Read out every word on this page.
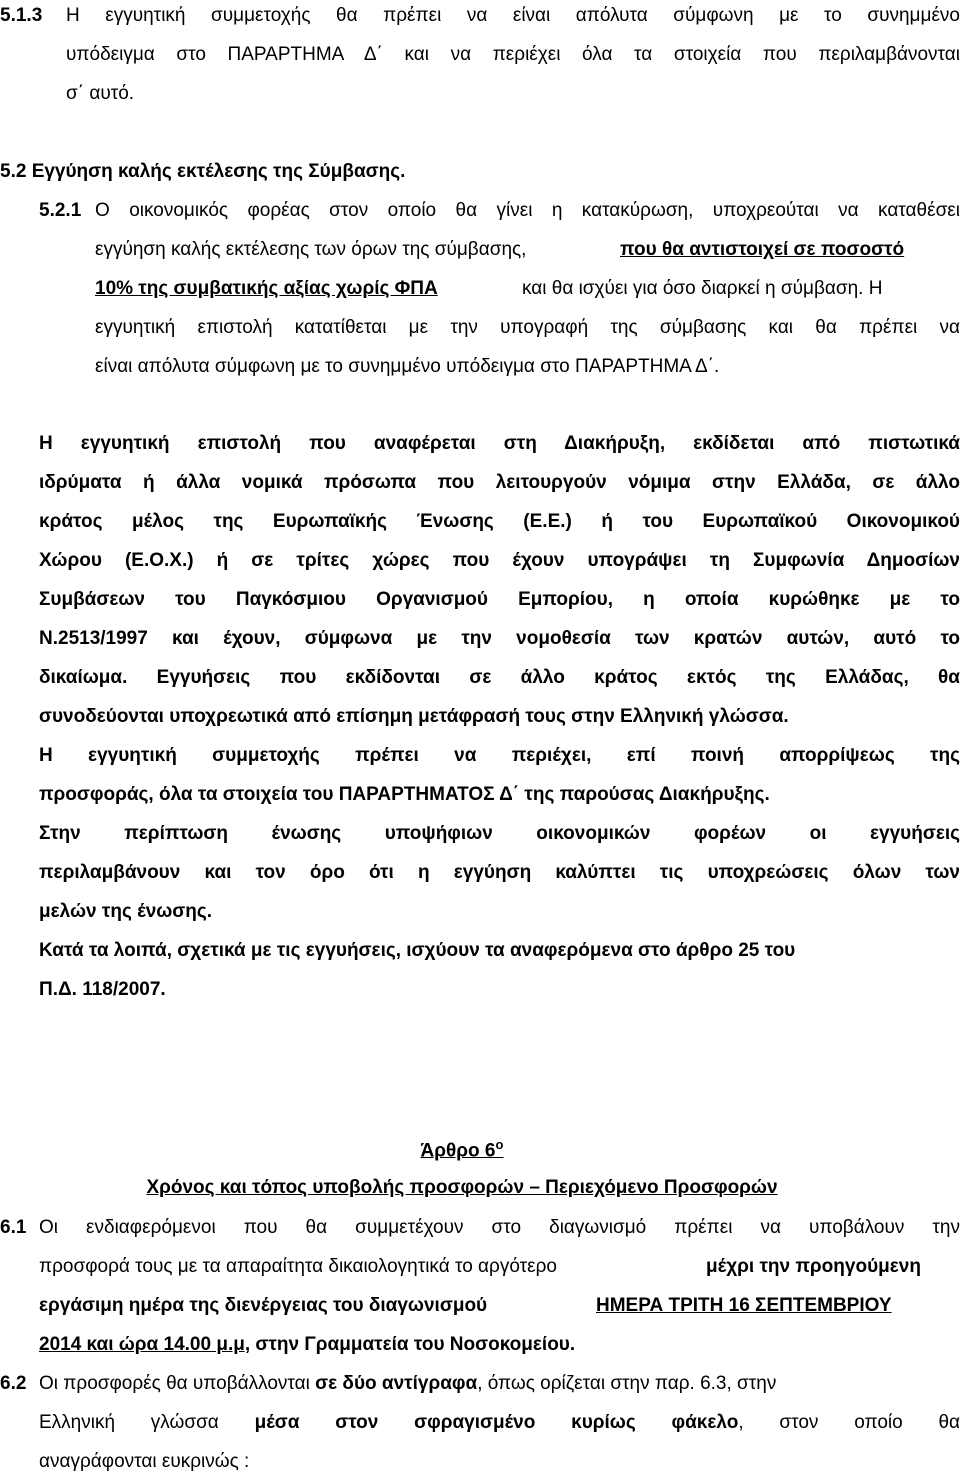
5.1.3 Η εγγυητική συμμετοχής θα πρέπει να είναι απόλυτα σύμφωνη με το συνημμένο
υπόδειγμα στο ΠΑΡΑΡΤΗΜΑ Δ΄ και να περιέχει όλα τα στοιχεία που περιλαμβάνονται
σ΄ αυτό.
5.2 Εγγύηση καλής εκτέλεσης της Σύμβασης.
5.2.1 Ο οικονομικός φορέας στον οποίο θα γίνει η κατακύρωση, υποχρεούται να καταθέσει
εγγύηση καλής εκτέλεσης των όρων της σύμβασης,	που θα αντιστοιχεί σε ποσοστό
10% της συμβατικής αξίας χωρίς ΦΠΑ	και θα ισχύει για όσο διαρκεί η σύμβαση. Η
εγγυητική επιστολή κατατίθεται με την υπογραφή της σύμβασης και θα πρέπει να
είναι απόλυτα σύμφωνη με το συνημμένο υπόδειγμα στο ΠΑΡΑΡΤΗΜΑ Δ΄.
Η εγγυητική επιστολή που αναφέρεται στη Διακήρυξη, εκδίδεται από πιστωτικά
ιδρύματα ή άλλα νομικά πρόσωπα που λειτουργούν νόμιμα στην Ελλάδα, σε άλλο
κράτος μέλος της Ευρωπαϊκής Ένωσης (Ε.Ε.) ή του Ευρωπαϊκού Οικονομικού
Χώρου (Ε.Ο.Χ.) ή σε τρίτες χώρες που έχουν υπογράψει τη Συμφωνία Δημοσίων
Συμβάσεων του Παγκόσμιου Οργανισμού Εμπορίου, η οποία κυρώθηκε με το
Ν.2513/1997 και έχουν, σύμφωνα με την νομοθεσία των κρατών αυτών, αυτό το
δικαίωμα. Εγγυήσεις που εκδίδονται σε άλλο κράτος εκτός της Ελλάδας, θα
συνοδεύονται υποχρεωτικά από επίσημη μετάφρασή τους στην Ελληνική γλώσσα.
Η εγγυητική συμμετοχής πρέπει να περιέχει, επί ποινή απορρίψεως της
προσφοράς, όλα τα στοιχεία του ΠΑΡΑΡΤΗΜΑΤΟΣ Δ΄ της παρούσας Διακήρυξης.
Στην περίπτωση ένωσης υποψήφιων οικονομικών φορέων οι εγγυήσεις
περιλαμβάνουν και τον όρο ότι η εγγύηση καλύπτει τις υποχρεώσεις όλων των
μελών της ένωσης.
Κατά τα λοιπά, σχετικά με τις εγγυήσεις, ισχύουν τα αναφερόμενα στο άρθρο 25 του
Π.Δ. 118/2007.
Άρθρο $6^o$
Χρόνος και τόπος υποβολής προσφορών – Περιεχόμενο Προσφορών
6.1 Οι ενδιαφερόμενοι που θα συμμετέχουν στο διαγωνισμό πρέπει να υποβάλουν την
προσφορά τους με τα απαραίτητα δικαιολογητικά το αργότερο	μέχρι την προηγούμενη
εργάσιμη ημέρα της διενέργειας του διαγωνισμού	ΗΜΕΡΑ ΤΡΙΤΗ 16 ΣΕΠΤΕΜΒΡΙΟΥ
2014 και ώρα 14.00 μ.μ, στην Γραμματεία του Νοσοκομείου.
6.2 Οι προσφορές θα υποβάλλονται σε δύο αντίγραφα, όπως ορίζεται στην παρ. 6.3, στην
Ελληνική γλώσσα μέσα στον σφραγισμένο κυρίως φάκελο, στον οποίο θα
αναγράφονται ευκρινώς :
